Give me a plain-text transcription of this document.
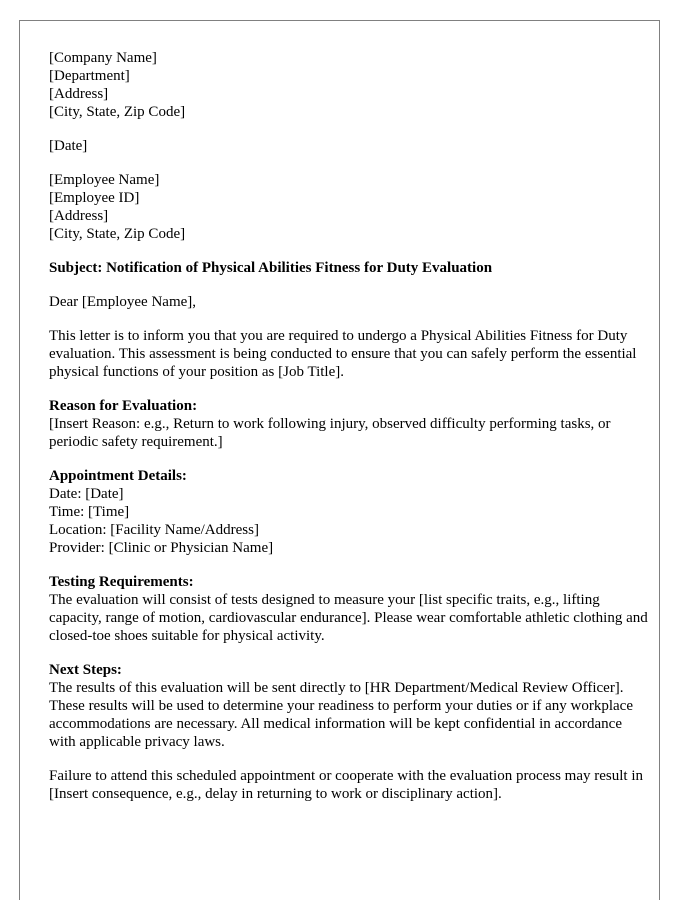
[Company Name]
[Department]
[Address]
[City, State, Zip Code]
[Date]
[Employee Name]
[Employee ID]
[Address]
[City, State, Zip Code]
Subject: Notification of Physical Abilities Fitness for Duty Evaluation
Dear [Employee Name],

This letter is to inform you that you are required to undergo a Physical Abilities Fitness for Duty evaluation. This assessment is being conducted to ensure that you can safely perform the essential physical functions of your position as [Job Title].

Reason for Evaluation:
[Insert Reason: e.g., Return to work following injury, observed difficulty performing tasks, or periodic safety requirement.]
Appointment Details:
Date: [Date]
Time: [Time]
Location: [Facility Name/Address]
Provider: [Clinic or Physician Name]
Testing Requirements:
The evaluation will consist of tests designed to measure your [list specific traits, e.g., lifting capacity, range of motion, cardiovascular endurance]. Please wear comfortable athletic clothing and closed-toe shoes suitable for physical activity.
Next Steps:
The results of this evaluation will be sent directly to [HR Department/Medical Review Officer]. These results will be used to determine your readiness to perform your duties or if any workplace accommodations are necessary. All medical information will be kept confidential in accordance with applicable privacy laws.

Failure to attend this scheduled appointment or cooperate with the evaluation process may result in [Insert consequence, e.g., delay in returning to work or disciplinary action].
